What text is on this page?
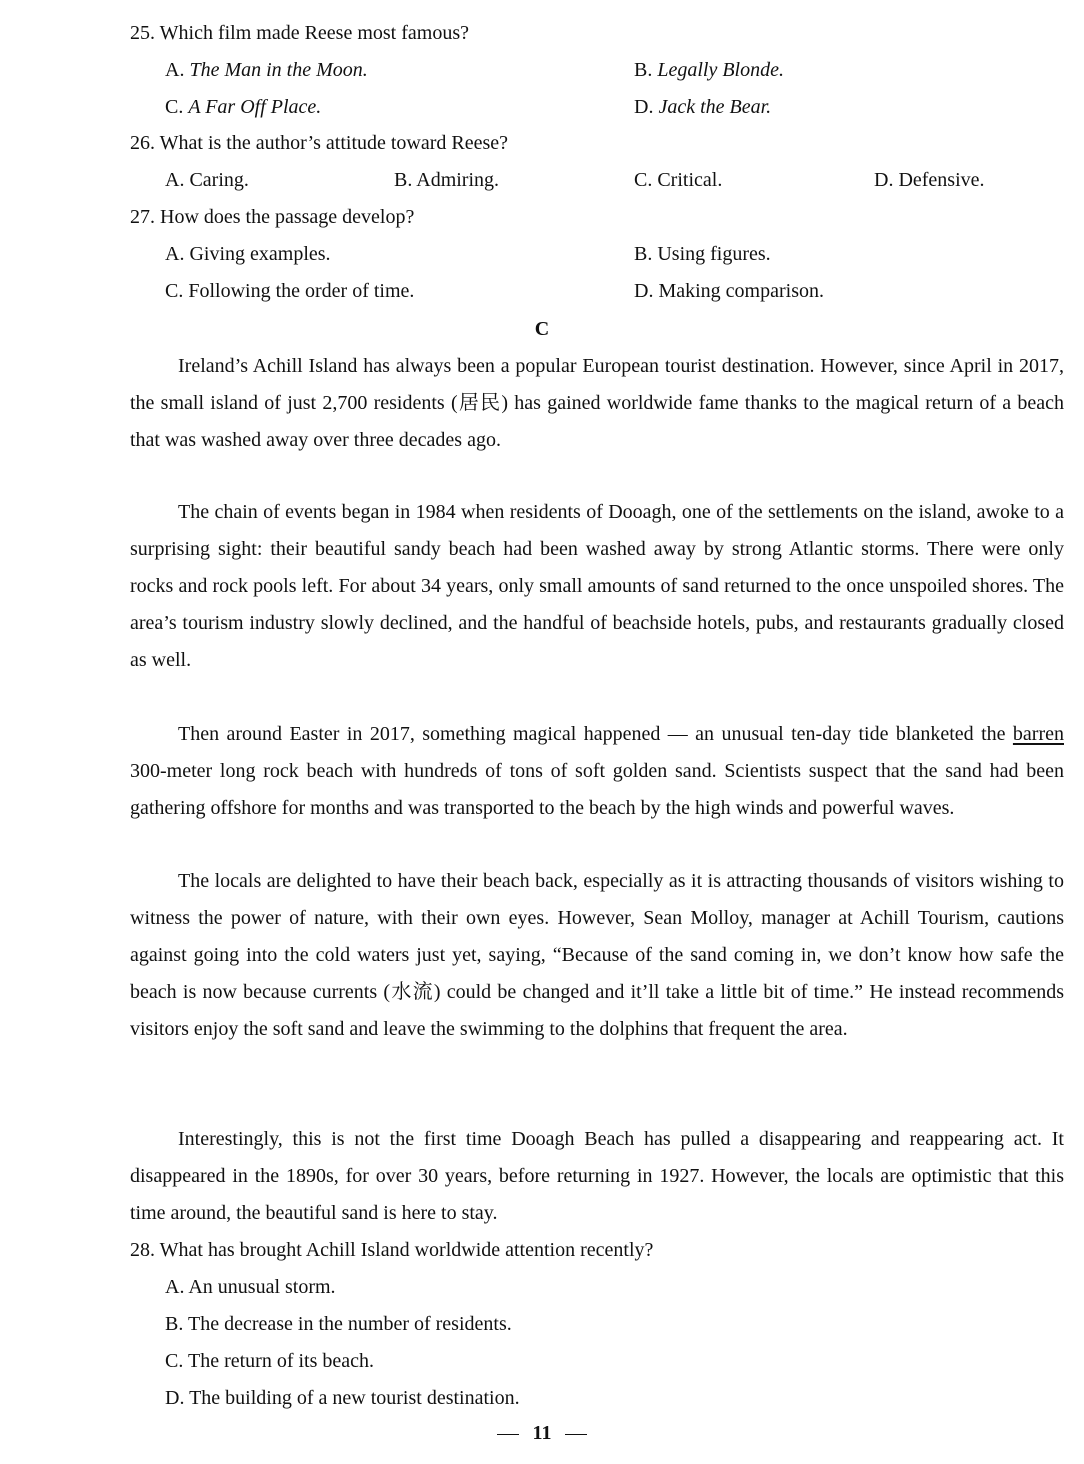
25. Which film made Reese most famous?
A. The Man in the Moon.	B. Legally Blonde.
C. A Far Off Place.	D. Jack the Bear.
26. What is the author’s attitude toward Reese?
A. Caring.	B. Admiring.	C. Critical.	D. Defensive.
27. How does the passage develop?
A. Giving examples.	B. Using figures.
C. Following the order of time.	D. Making comparison.
C
Ireland’s Achill Island has always been a popular European tourist destination. However, since April in 2017, the small island of just 2,700 residents (居民) has gained worldwide fame thanks to the magical return of a beach that was washed away over three decades ago.
The chain of events began in 1984 when residents of Dooagh, one of the settlements on the island, awoke to a surprising sight: their beautiful sandy beach had been washed away by strong Atlantic storms. There were only rocks and rock pools left. For about 34 years, only small amounts of sand returned to the once unspoiled shores. The area’s tourism industry slowly declined, and the handful of beachside hotels, pubs, and restaurants gradually closed as well.
Then around Easter in 2017, something magical happened — an unusual ten-day tide blanketed the barren 300-meter long rock beach with hundreds of tons of soft golden sand. Scientists suspect that the sand had been gathering offshore for months and was transported to the beach by the high winds and powerful waves.
The locals are delighted to have their beach back, especially as it is attracting thousands of visitors wishing to witness the power of nature, with their own eyes. However, Sean Molloy, manager at Achill Tourism, cautions against going into the cold waters just yet, saying, “Because of the sand coming in, we don’t know how safe the beach is now because currents (水流) could be changed and it’ll take a little bit of time.” He instead recommends visitors enjoy the soft sand and leave the swimming to the dolphins that frequent the area.
Interestingly, this is not the first time Dooagh Beach has pulled a disappearing and reappearing act. It disappeared in the 1890s, for over 30 years, before returning in 1927. However, the locals are optimistic that this time around, the beautiful sand is here to stay.
28. What has brought Achill Island worldwide attention recently?
A. An unusual storm.
B. The decrease in the number of residents.
C. The return of its beach.
D. The building of a new tourist destination.
11
